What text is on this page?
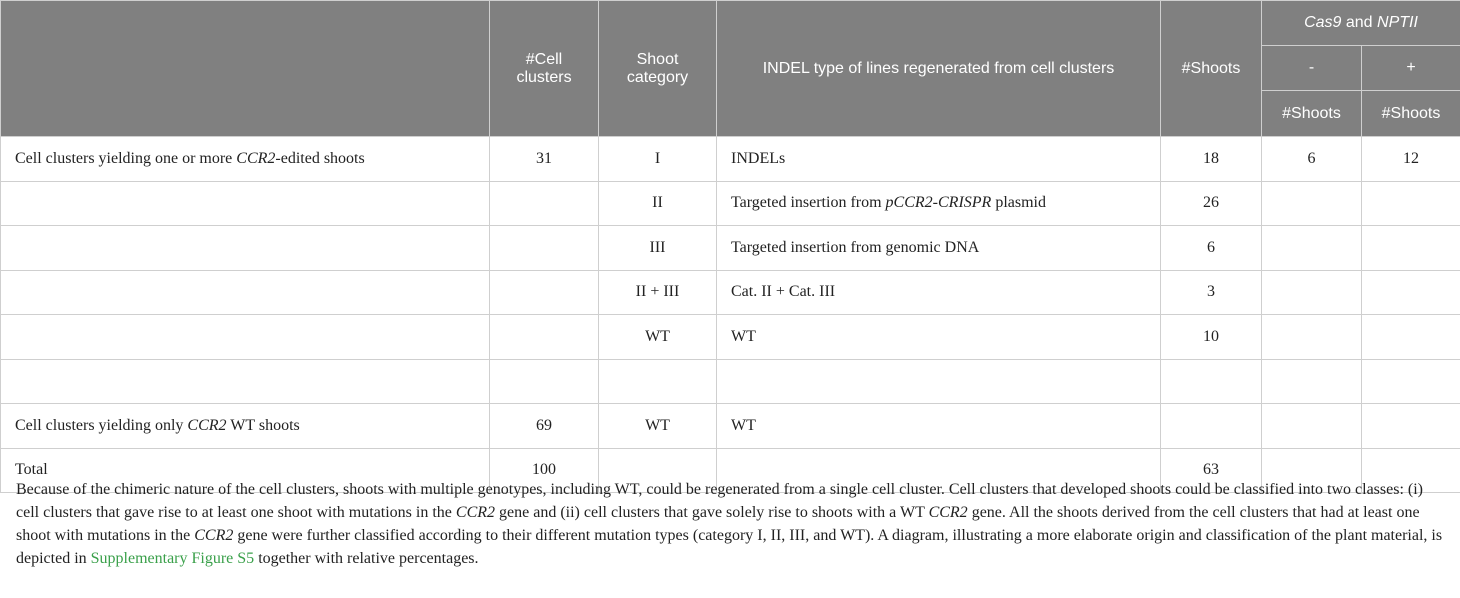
	#Cell clusters	Shoot category	INDEL type of lines regenerated from cell clusters	#Shoots	Cas9 and NPTII	
					-	+
					#Shoots	#Shoots
Cell clusters yielding one or more CCR2-edited shoots	31	I	INDELs	18	6	12
		II	Targeted insertion from pCCR2-CRISPR plasmid	26		
		III	Targeted insertion from genomic DNA	6		
		II + III	Cat. II + Cat. III	3		
		WT	WT	10		

Cell clusters yielding only CCR2 WT shoots	69	WT	WT			
Total	100			63		
Because of the chimeric nature of the cell clusters, shoots with multiple genotypes, including WT, could be regenerated from a single cell cluster. Cell clusters that developed shoots could be classified into two classes: (i) cell clusters that gave rise to at least one shoot with mutations in the CCR2 gene and (ii) cell clusters that gave solely rise to shoots with a WT CCR2 gene. All the shoots derived from the cell clusters that had at least one shoot with mutations in the CCR2 gene were further classified according to their different mutation types (category I, II, III, and WT). A diagram, illustrating a more elaborate origin and classification of the plant material, is depicted in Supplementary Figure S5 together with relative percentages.
